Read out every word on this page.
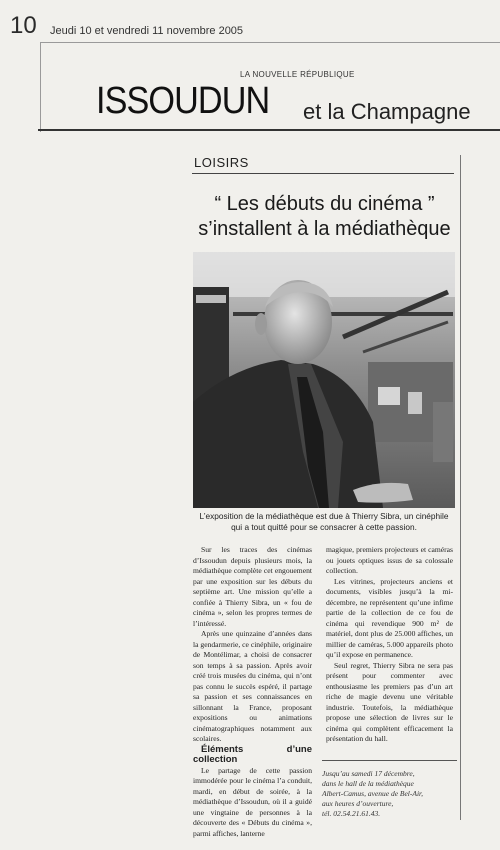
10 Jeudi 10 et vendredi 11 novembre 2005
LA NOUVELLE RÉPUBLIQUE
ISSOUDUN et la Champagne
LOISIRS
“ Les débuts du cinéma ”
s’installent à la médiathèque
L’exposition de la médiathèque est due à Thierry Sibra, un cinéphile qui a tout quitté pour se consacrer à cette passion.

Sur les traces des cinémas d’Issoudun depuis plusieurs mois, la médiathèque complète cet engouement par une exposition sur les débuts du septième art. Une mission qu’elle a confiée à Thierry Sibra, un « fou de cinéma », selon les propres termes de l’intéressé.

Après une quinzaine d’années dans la gendarmerie, ce cinéphile, originaire de Montélimar, a choisi de consacrer son temps à sa passion. Après avoir créé trois musées du cinéma, qui n’ont pas connu le succès espéré, il partage sa passion et ses connaissances en sillonnant la France, proposant expositions ou animations cinématographiques notamment aux scolaires.

Éléments d’une collection

Le partage de cette passion immodérée pour le cinéma l’a conduit, mardi, en début de soirée, à la médiathèque d’Issoudun, où il a guidé une vingtaine de personnes à la découverte des « Débuts du cinéma », parmi affiches, lanterne

magique, premiers projecteurs et caméras ou jouets optiques issus de sa colossale collection.

Les vitrines, projecteurs anciens et documents, visibles jusqu’à la mi-décembre, ne représentent qu’une infime partie de la collection de ce fou de cinéma qui revendique 900 m² de matériel, dont plus de 25.000 affiches, un millier de caméras, 5.000 appareils photo qu’il expose en permanence.

Seul regret, Thierry Sibra ne sera pas présent pour commenter avec enthousiasme les premiers pas d’un art riche de magie devenu une véritable industrie. Toutefois, la médiathèque propose une sélection de livres sur le cinéma qui complètent efficacement la présentation du hall.

Jusqu’au samedi 17 décembre,
dans le hall de la médiathèque
Albert-Camus, avenue de Bel-Air,
aux heures d’ouverture,
tél. 02.54.21.61.43.
